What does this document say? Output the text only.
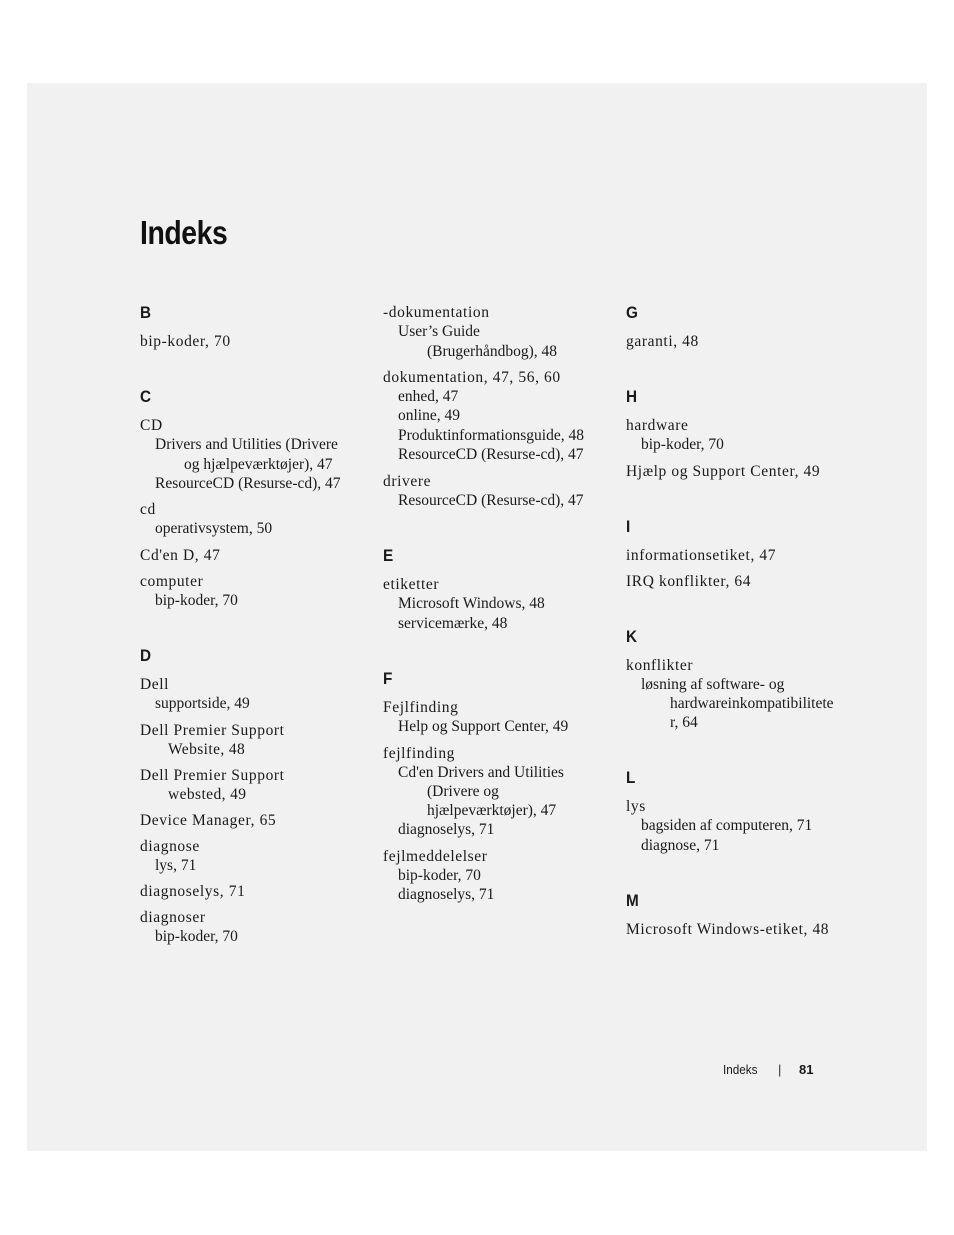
Indeks
B
bip-koder, 70
C
CD
Drivers and Utilities (Drivere
og hjælpeværktøjer), 47
ResourceCD (Resurse-cd), 47
cd
operativsystem, 50
Cd'en D, 47
computer
bip-koder, 70
D
Dell
supportside, 49
Dell Premier Support
Website, 48
Dell Premier Support
websted, 49
Device Manager, 65
diagnose
lys, 71
diagnoselys, 71
diagnoser
bip-koder, 70
-dokumentation
User’s Guide
(Brugerhåndbog), 48
dokumentation, 47, 56, 60
enhed, 47
online, 49
Produktinformationsguide, 48
ResourceCD (Resurse-cd), 47
drivere
ResourceCD (Resurse-cd), 47
E
etiketter
Microsoft Windows, 48
servicemærke, 48
F
Fejlfinding
Help og Support Center, 49
fejlfinding
Cd'en Drivers and Utilities
(Drivere og
hjælpeværktøjer), 47
diagnoselys, 71
fejlmeddelelser
bip-koder, 70
diagnoselys, 71
G
garanti, 48
H
hardware
bip-koder, 70
Hjælp og Support Center, 49
I
informationsetiket, 47
IRQ konflikter, 64
K
konflikter
løsning af software- og
hardwareinkompatibilitete
r, 64
L
lys
bagsiden af computeren, 71
diagnose, 71
M
Microsoft Windows-etiket, 48
Indeks | 81
